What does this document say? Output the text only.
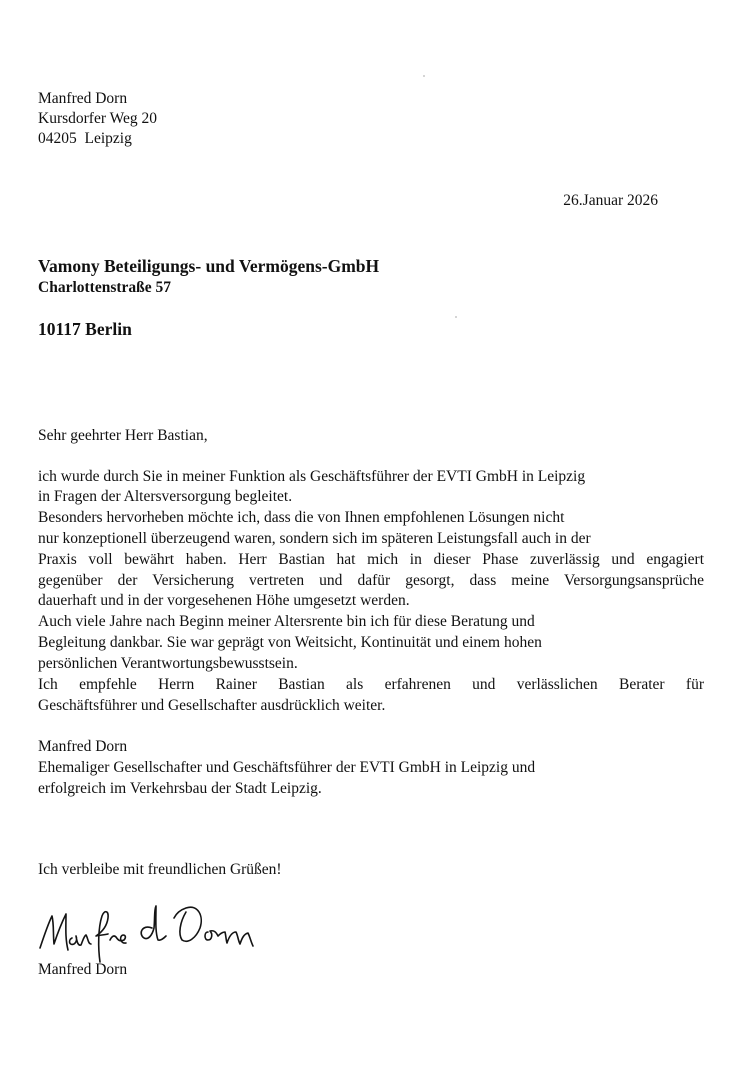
Manfred Dorn
Kursdorfer Weg 20
04205  Leipzig
26.Januar 2026
Vamony Beteiligungs- und Vermögens-GmbH
Charlottenstraße 57
10117 Berlin
Sehr geehrter Herr Bastian,
ich wurde durch Sie in meiner Funktion als Geschäftsführer der EVTI GmbH in Leipzig
in Fragen der Altersversorgung begleitet.
Besonders hervorheben möchte ich, dass die von Ihnen empfohlenen Lösungen nicht
nur konzeptionell überzeugend waren, sondern sich im späteren Leistungsfall auch in der
Praxis voll bewährt haben. Herr Bastian hat mich in dieser Phase zuverlässig und engagiert
gegenüber der Versicherung vertreten und dafür gesorgt, dass meine Versorgungsansprüche
dauerhaft und in der vorgesehenen Höhe umgesetzt werden.
Auch viele Jahre nach Beginn meiner Altersrente bin ich für diese Beratung und
Begleitung dankbar. Sie war geprägt von Weitsicht, Kontinuität und einem hohen
persönlichen Verantwortungsbewusstsein.
Ich empfehle Herrn Rainer Bastian als erfahrenen und verlässlichen Berater für
Geschäftsführer und Gesellschafter ausdrücklich weiter.
Manfred Dorn
Ehemaliger Gesellschafter und Geschäftsführer der EVTI GmbH in Leipzig und
erfolgreich im Verkehrsbau der Stadt Leipzig.
Ich verbleibe mit freundlichen Grüßen!
Manfred Dorn
